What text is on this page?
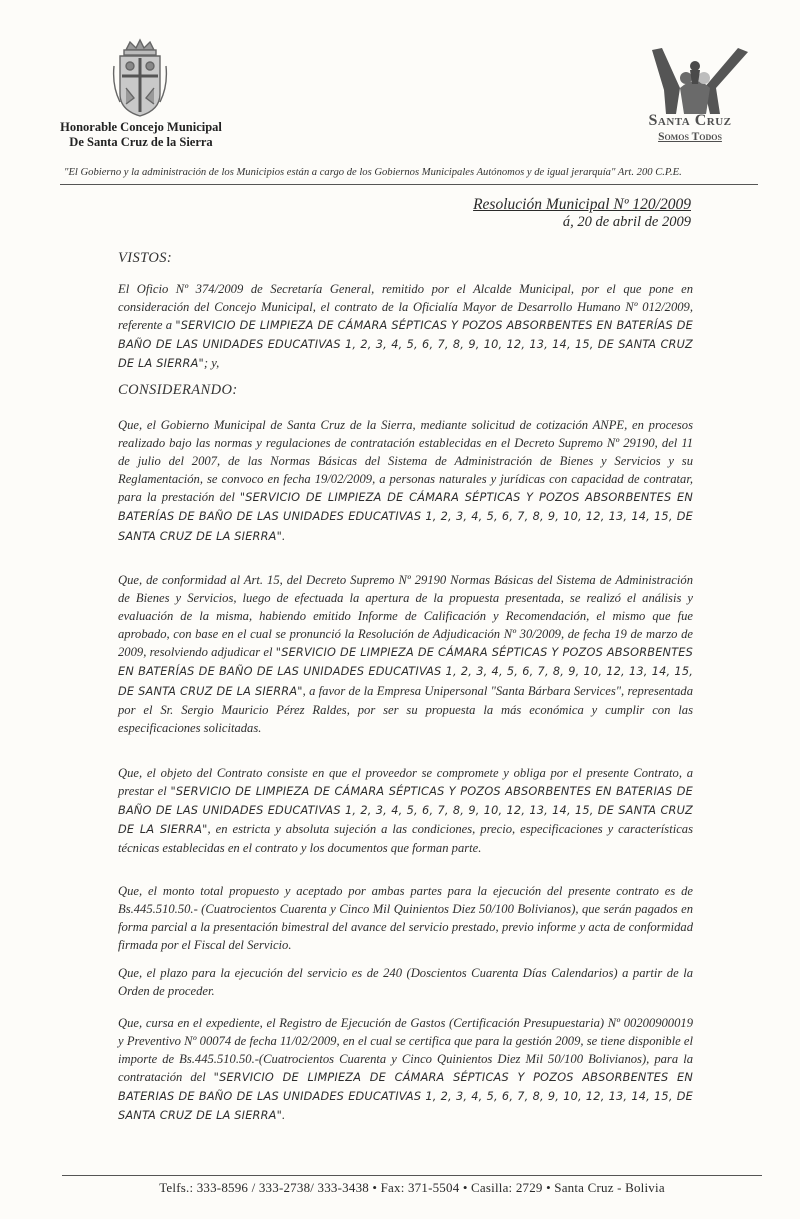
Honorable Concejo Municipal
De Santa Cruz de la Sierra
Santa Cruz
Somos Todos
"El Gobierno y la administración de los Municipios están a cargo de los Gobiernos Municipales Autónomos y de igual jerarquía" Art. 200 C.P.E.
Resolución Municipal Nº 120/2009
á, 20 de abril de 2009
VISTOS:
El Oficio Nº 374/2009 de Secretaría General, remitido por el Alcalde Municipal, por el que pone en consideración del Concejo Municipal, el contrato de la Oficialía Mayor de Desarrollo Humano Nº 012/2009, referente a "SERVICIO DE LIMPIEZA DE CÁMARA SÉPTICAS Y POZOS ABSORBENTES EN BATERÍAS DE BAÑO DE LAS UNIDADES EDUCATIVAS 1, 2, 3, 4, 5, 6, 7, 8, 9, 10, 12, 13, 14, 15, DE SANTA CRUZ DE LA SIERRA"; y,
CONSIDERANDO:
Que, el Gobierno Municipal de Santa Cruz de la Sierra, mediante solicitud de cotización ANPE, en procesos realizado bajo las normas y regulaciones de contratación establecidas en el Decreto Supremo Nº 29190, del 11 de julio del 2007, de las Normas Básicas del Sistema de Administración de Bienes y Servicios y su Reglamentación, se convoco en fecha 19/02/2009, a personas naturales y jurídicas con capacidad de contratar, para la prestación del "SERVICIO DE LIMPIEZA DE CÁMARA SÉPTICAS Y POZOS ABSORBENTES EN BATERÍAS DE BAÑO DE LAS UNIDADES EDUCATIVAS 1, 2, 3, 4, 5, 6, 7, 8, 9, 10, 12, 13, 14, 15, DE SANTA CRUZ DE LA SIERRA".
Que, de conformidad al Art. 15, del Decreto Supremo Nº 29190 Normas Básicas del Sistema de Administración de Bienes y Servicios, luego de efectuada la apertura de la propuesta presentada, se realizó el análisis y evaluación de la misma, habiendo emitido Informe de Calificación y Recomendación, el mismo que fue aprobado, con base en el cual se pronunció la Resolución de Adjudicación Nº 30/2009, de fecha 19 de marzo de 2009, resolviendo adjudicar el "SERVICIO DE LIMPIEZA DE CÁMARA SÉPTICAS Y POZOS ABSORBENTES EN BATERÍAS DE BAÑO DE LAS UNIDADES EDUCATIVAS 1, 2, 3, 4, 5, 6, 7, 8, 9, 10, 12, 13, 14, 15, DE SANTA CRUZ DE LA SIERRA", a favor de la Empresa Unipersonal "Santa Bárbara Services", representada por el Sr. Sergio Mauricio Pérez Raldes, por ser su propuesta la más económica y cumplir con las especificaciones solicitadas.
Que, el objeto del Contrato consiste en que el proveedor se compromete y obliga por el presente Contrato, a prestar el "SERVICIO DE LIMPIEZA DE CÁMARA SÉPTICAS Y POZOS ABSORBENTES EN BATERIAS DE BAÑO DE LAS UNIDADES EDUCATIVAS 1, 2, 3, 4, 5, 6, 7, 8, 9, 10, 12, 13, 14, 15, DE SANTA CRUZ DE LA SIERRA", en estricta y absoluta sujeción a las condiciones, precio, especificaciones y características técnicas establecidas en el contrato y los documentos que forman parte.
Que, el monto total propuesto y aceptado por ambas partes para la ejecución del presente contrato es de Bs.445.510.50.- (Cuatrocientos Cuarenta y Cinco Mil Quinientos Diez 50/100 Bolivianos), que serán pagados en forma parcial a la presentación bimestral del avance del servicio prestado, previo informe y acta de conformidad firmada por el Fiscal del Servicio.
Que, el plazo para la ejecución del servicio es de 240 (Doscientos Cuarenta Días Calendarios) a partir de la Orden de proceder.
Que, cursa en el expediente, el Registro de Ejecución de Gastos (Certificación Presupuestaria) Nº 00200900019 y Preventivo Nº 00074 de fecha 11/02/2009, en el cual se certifica que para la gestión 2009, se tiene disponible el importe de Bs.445.510.50.-(Cuatrocientos Cuarenta y Cinco Quinientos Diez Mil 50/100 Bolivianos), para la contratación del "SERVICIO DE LIMPIEZA DE CÁMARA SÉPTICAS Y POZOS ABSORBENTES EN BATERIAS DE BAÑO DE LAS UNIDADES EDUCATIVAS 1, 2, 3, 4, 5, 6, 7, 8, 9, 10, 12, 13, 14, 15, DE SANTA CRUZ DE LA SIERRA".
Telfs.: 333-8596 / 333-2738/ 333-3438 • Fax: 371-5504 • Casilla: 2729 • Santa Cruz - Bolivia
